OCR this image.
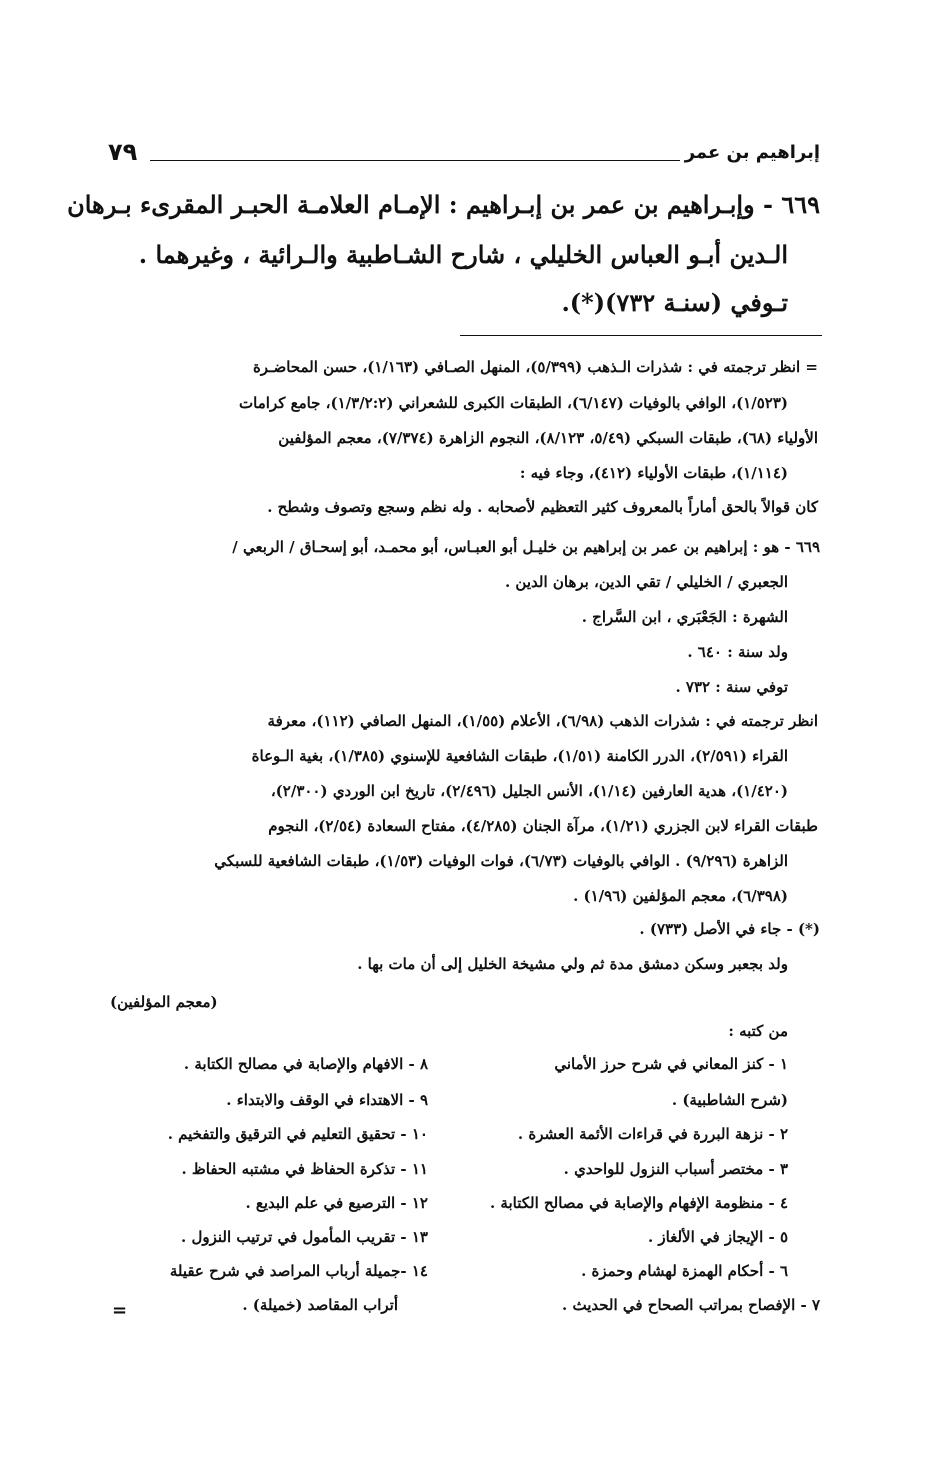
إبراهيم بن عمر
٧٩
٦٦٩ - وإبـراهيم بن عمر بن إبـراهيم : الإمـام العلامـة الحبـر المقرىء بـرهان
الـدين أبـو العباس الخليلي ، شارح الشـاطبية والـرائية ، وغيرهما .
تـوفي (سنـة ٧٣٢)(*).
= انظر ترجمته في : شذرات الـذهب (٥/٣٩٩)، المنهل الصـافي (١/١٦٣)، حسن المحاضـرة
(١/٥٢٣)، الوافي بالوفيات (٦/١٤٧)، الطبقات الكبرى للشعراني (١/٣/٢:٢)، جامع كرامات
الأولياء (٦٨)، طبقات السبكي (٥/٤٩، ٨/١٢٣)، النجوم الزاهرة (٧/٣٧٤)، معجم المؤلفين
(١/١١٤)، طبقات الأولياء (٤١٢)، وجاء فيه :
كان قوالاً بالحق أماراً بالمعروف كثير التعظيم لأصحابه . وله نظم وسجع وتصوف وشطح .
٦٦٩ - هو : إبراهيم بن عمر بن إبراهيم بن خليـل أبو العبـاس، أبو محمـد، أبو إسحـاق / الربعي /
الجعبري / الخليلي / تقي الدين، برهان الدين .
الشهرة : الجَعْبَري ، ابن السَّراج .
ولد سنة : ٦٤٠ .
توفي سنة : ٧٣٢ .
انظر ترجمته في : شذرات الذهب (٦/٩٨)، الأعلام (١/٥٥)، المنهل الصافي (١١٢)، معرفة
القراء (٢/٥٩١)، الدرر الكامنة (١/٥١)، طبقات الشافعية للإسنوي (١/٣٨٥)، بغية الـوعاة
(١/٤٢٠)، هدية العارفين (١/١٤)، الأنس الجليل (٢/٤٩٦)، تاريخ ابن الوردي (٢/٣٠٠)،
طبقات القراء لابن الجزري (١/٢١)، مرآة الجنان (٤/٢٨٥)، مفتاح السعادة (٢/٥٤)، النجوم
الزاهرة (٩/٢٩٦) . الوافي بالوفيات (٦/٧٣)، فوات الوفيات (١/٥٣)، طبقات الشافعية للسبكي
(٦/٣٩٨)، معجم المؤلفين (١/٩٦) .
(*) - جاء في الأصل (٧٣٣) .
ولد بجعبر وسكن دمشق مدة ثم ولي مشيخة الخليل إلى أن مات بها .
(معجم المؤلفين)
من كتبه :
١ - كنز المعاني في شرح حرز الأماني
(شرح الشاطبية) .
٢ - نزهة البررة في قراءات الأئمة العشرة .
٣ - مختصر أسباب النزول للواحدي .
٤ - منظومة الإفهام والإصابة في مصالح الكتابة .
٥ - الإيجاز في الألغاز .
٦ - أحكام الهمزة لهشام وحمزة .
٧ - الإفصاح بمراتب الصحاح في الحديث .
٨ - الافهام والإصابة في مصالح الكتابة .
٩ - الاهتداء في الوقف والابتداء .
١٠ - تحقيق التعليم في الترقيق والتفخيم .
١١ - تذكرة الحفاظ في مشتبه الحفاظ .
١٢ - الترصيع في علم البديع .
١٣ - تقريب المأمول في ترتيب النزول .
١٤ -جميلة أرباب المراصد في شرح عقيلة
أتراب المقاصد (خميلة) .
=
